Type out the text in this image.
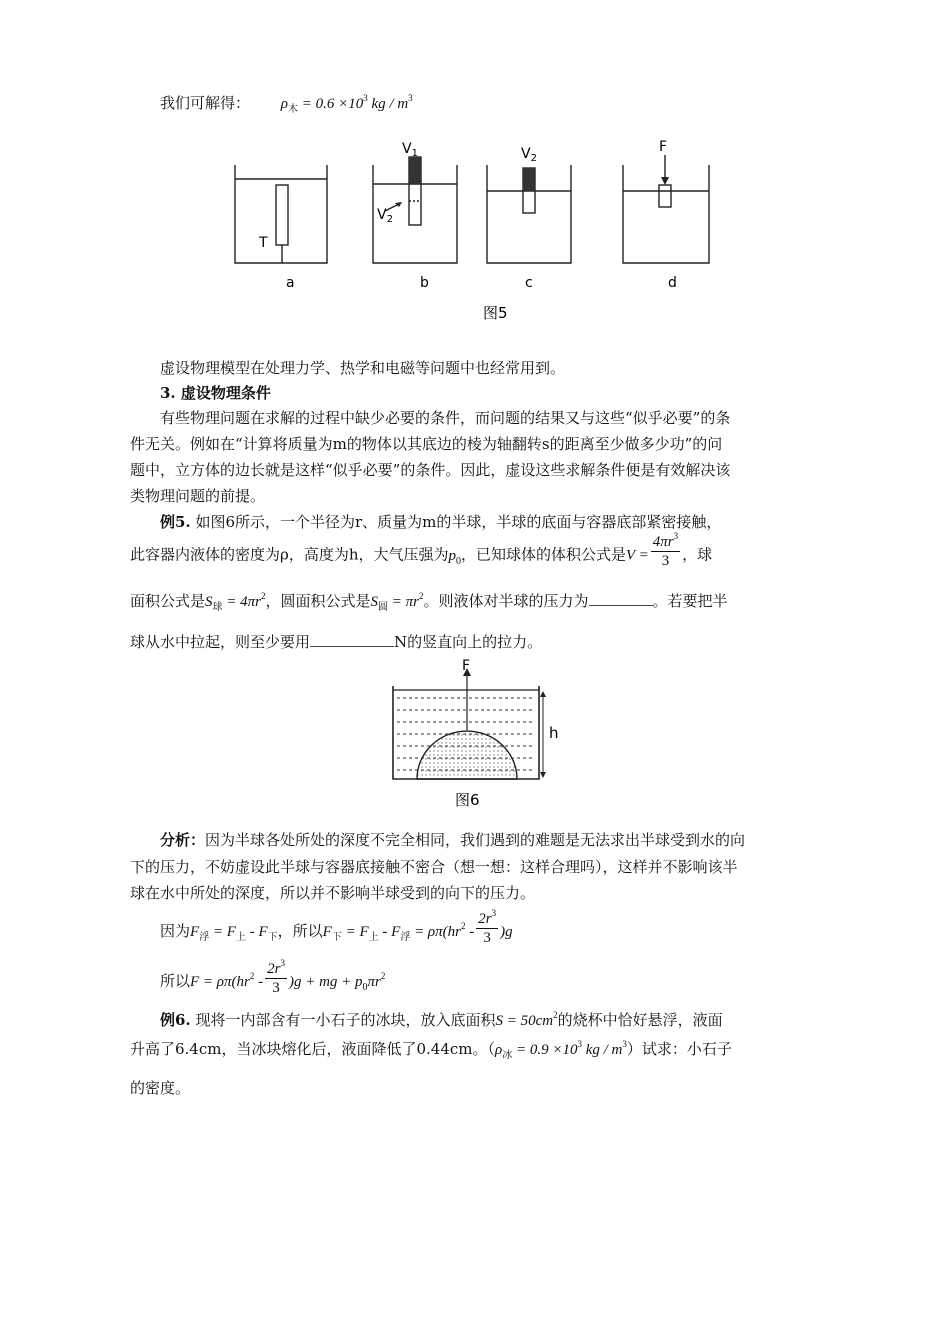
我们可解得： $\rho_木 = 0.6 \times 10^3$ kg / $m^3$
T
$V_1$
$V_2$
$V_2$
F
a	b	c	d
图5
虚设物理模型在处理力学、热学和电磁等问题中也经常用到。
3. 虚设物理条件
有些物理问题在求解的过程中缺少必要的条件，而问题的结果又与这些“似乎必要”的条
件无关。例如在“计算将质量为m的物体以其底边的棱为轴翻转s的距离至少做多少功”的问
题中，立方体的边长就是这样“似乎必要”的条件。因此，虚设这些求解条件便是有效解决该
类物理问题的前提。
例5. 如图6所示，一个半径为r、质量为m的半球，半球的底面与容器底部紧密接触，
此容器内液体的密度为ρ，高度为h，大气压强为$p_0$，已知球体的体积公式是$V = \frac{4\pi r^3}{3}$ ，球
面积公式是$S_球 = 4\pi r^2$，圆面积公式是$S_圆 = \pi r^2$。则液体对半球的压力为	。若要把半
球从水中拉起，则至少要用	N的竖直向上的拉力。
F
h
图6
分析：因为半球各处所处的深度不完全相同，我们遇到的难题是无法求出半球受到水的向
下的压力，不妨虚设此半球与容器底接触不密合（想一想：这样合理吗），这样并不影响该半
球在水中所处的深度，所以并不影响半球受到的向下的压力。
因为$F_浮 = F_上 - F_下$，所以$F_下 = F_上 - F_浮 = \rho\pi(hr^2 - \frac{2r^3}{3} )g$
所以$F = \rho\pi(hr^2 - \frac{2r^3}{3} )g$ + mg + $p_0\pi r^2$
例6. 现将一内部含有一小石子的冰块，放入底面积$S = 50cm^2$的烧杯中恰好悬浮，液面
升高了6.4cm，当冰块熔化后，液面降低了0.44cm。（$\rho_冰 = 0.9 \times 10^3$ kg / $m^3$）试求：小石子
的密度。
